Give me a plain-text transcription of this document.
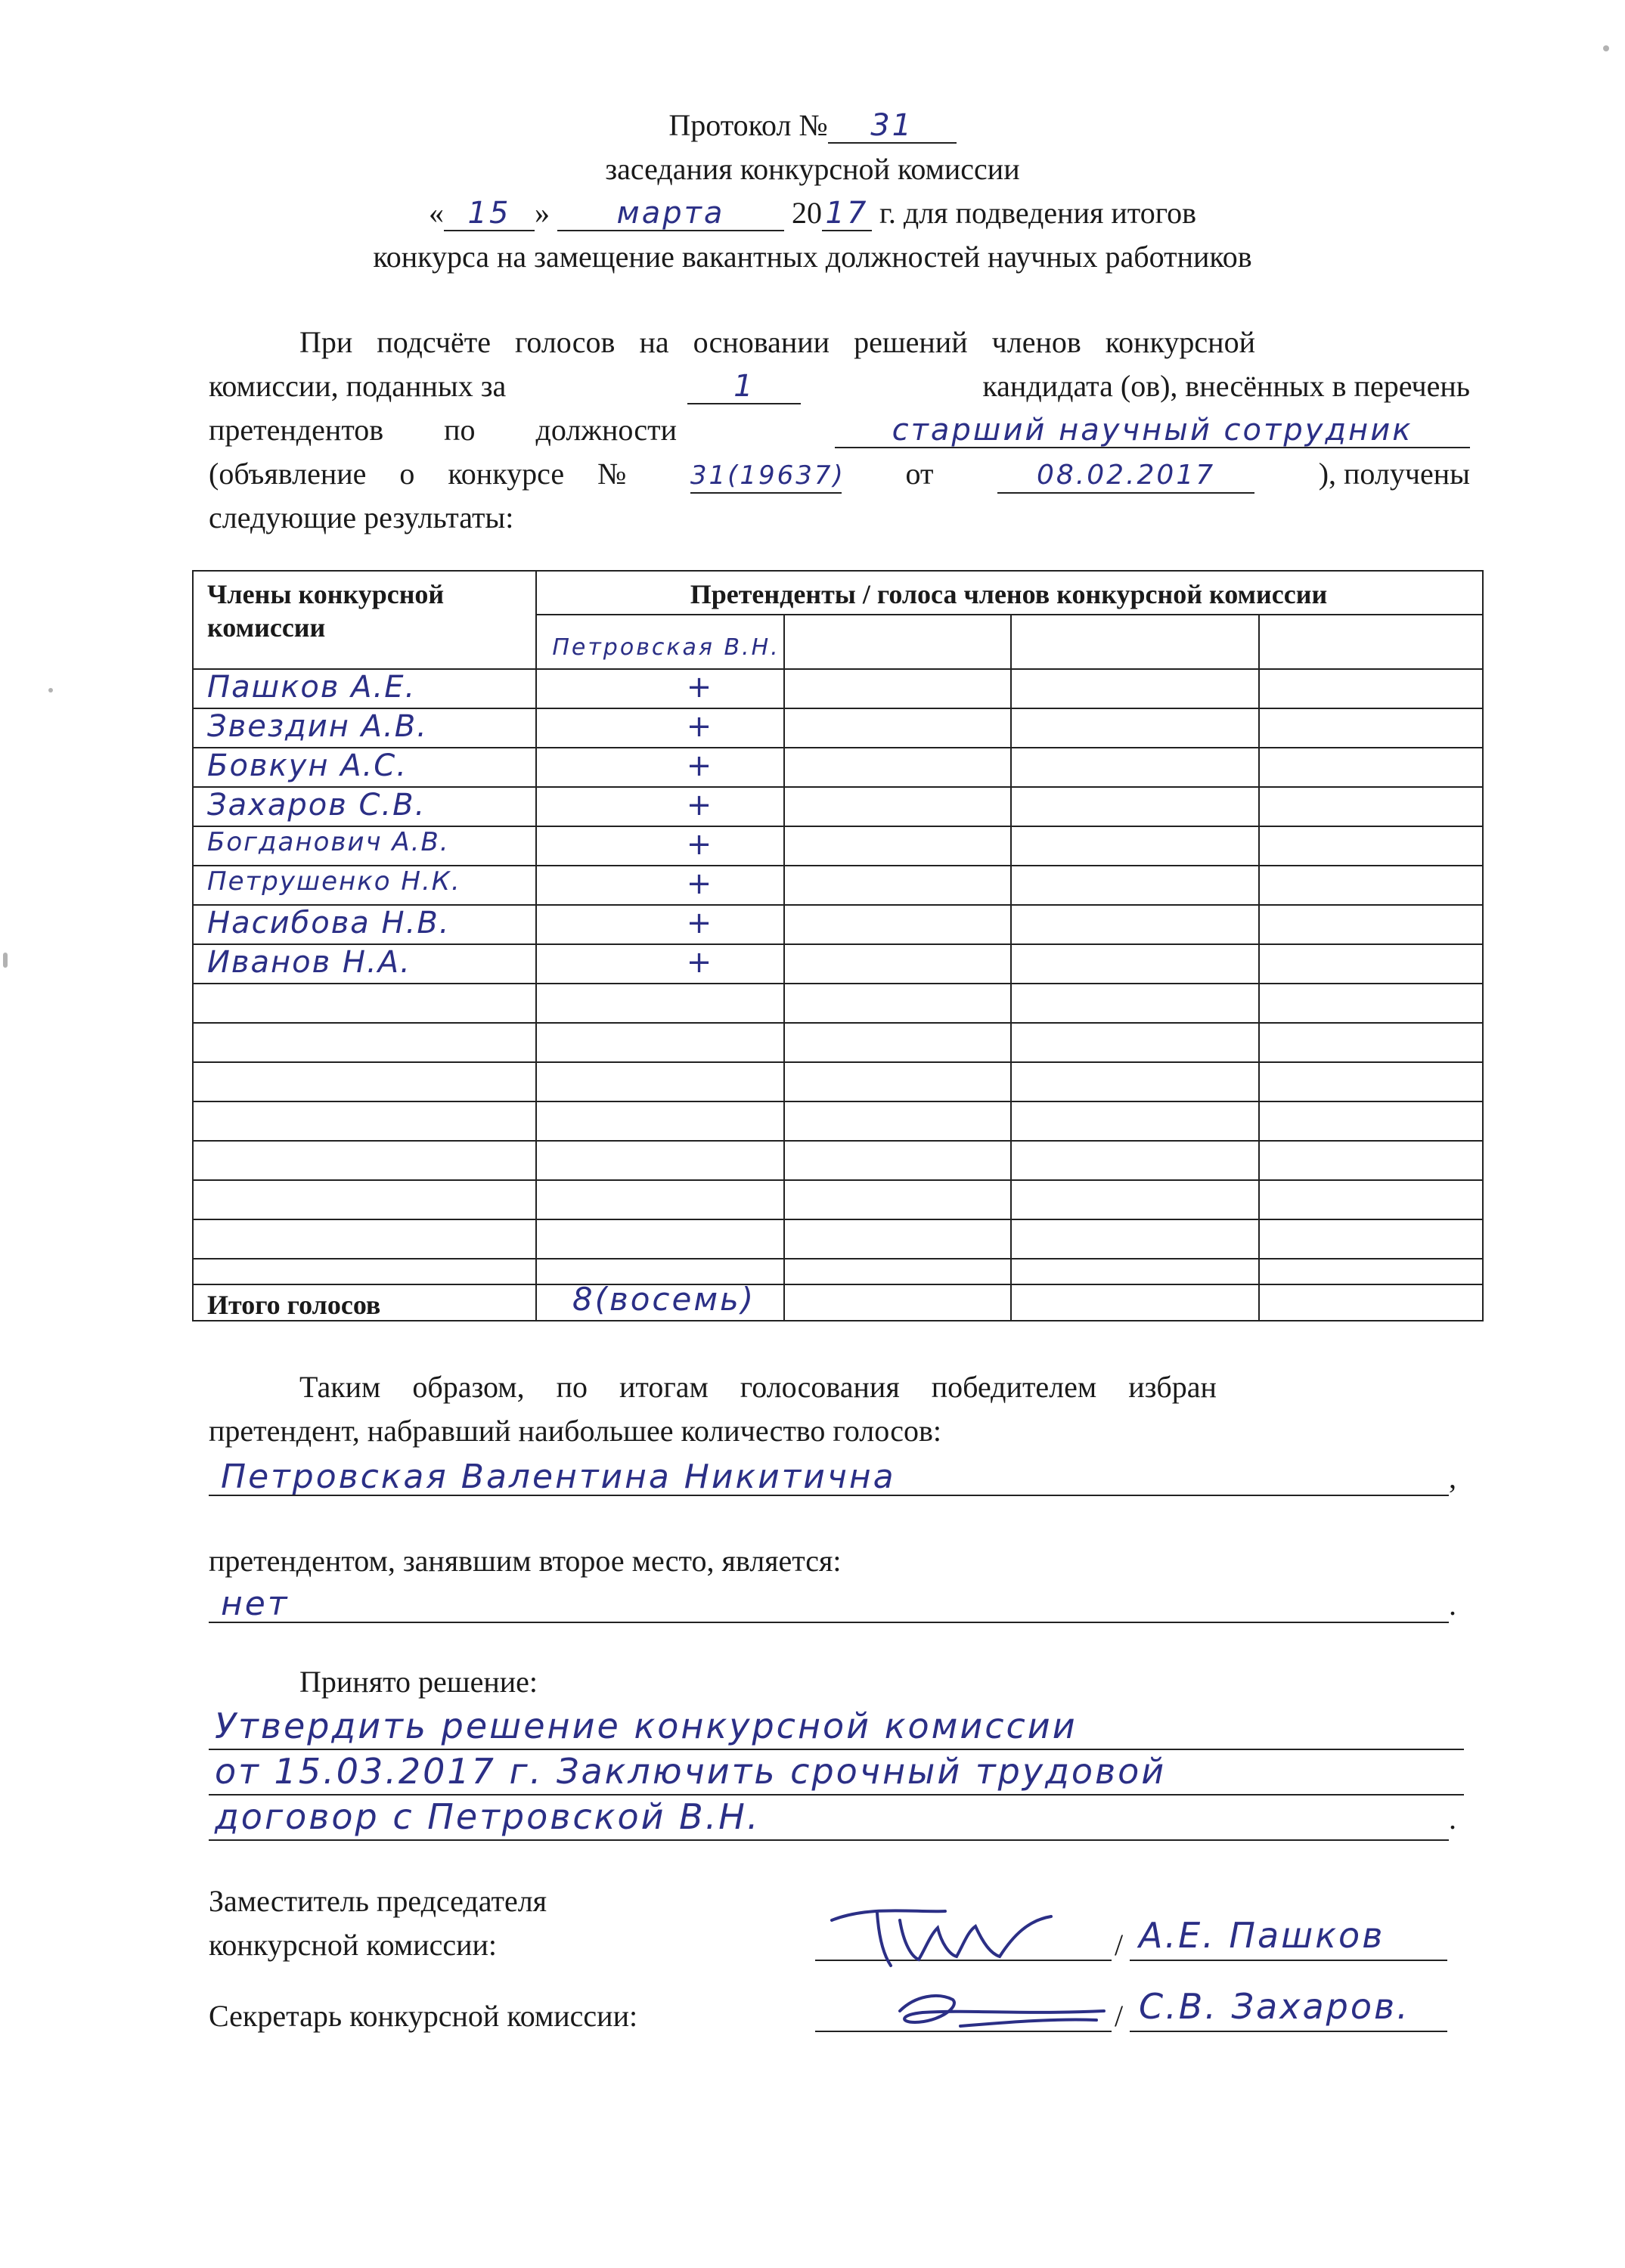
Протокол № 31
заседания конкурсной комиссии
« 15 » марта 20 17 г. для подведения итогов
конкурса на замещение вакантных должностей научных работников
При подсчёте голосов на основании решений членов конкурсной
комиссии, поданных за	1	кандидата (ов), внесённых в перечень
претендентов по должности	старший научный сотрудник
(объявление о конкурсе № 31(19637) от	08.02.2017	), получены
следующие результаты:
Члены конкурсной комиссии
Претенденты / голоса членов конкурсной комиссии
Петровская В.Н.
Пашков А.Е.	+
Звездин А.В.	+
Бовкун А.С.	+
Захаров С.В.	+
Богданович А.В.	+
Петрушенко Н.К.	+
Насибова Н.В.	+
Иванов Н.А.	+
Итого голосов	8(восемь)
Таким образом, по итогам голосования победителем избран
претендент, набравший наибольшее количество голосов:
Петровская Валентина Никитична	,
претендентом, занявшим второе место, является:
нет	.
Принято решение:
Утвердить решение конкурсной комиссии
от 15.03.2017 г. Заключить срочный трудовой
договор с Петровской В.Н.	.
Заместитель председателя
конкурсной комиссии:	/ А.Е. Пашков
Секретарь конкурсной комиссии:	/ С.В. Захаров.
